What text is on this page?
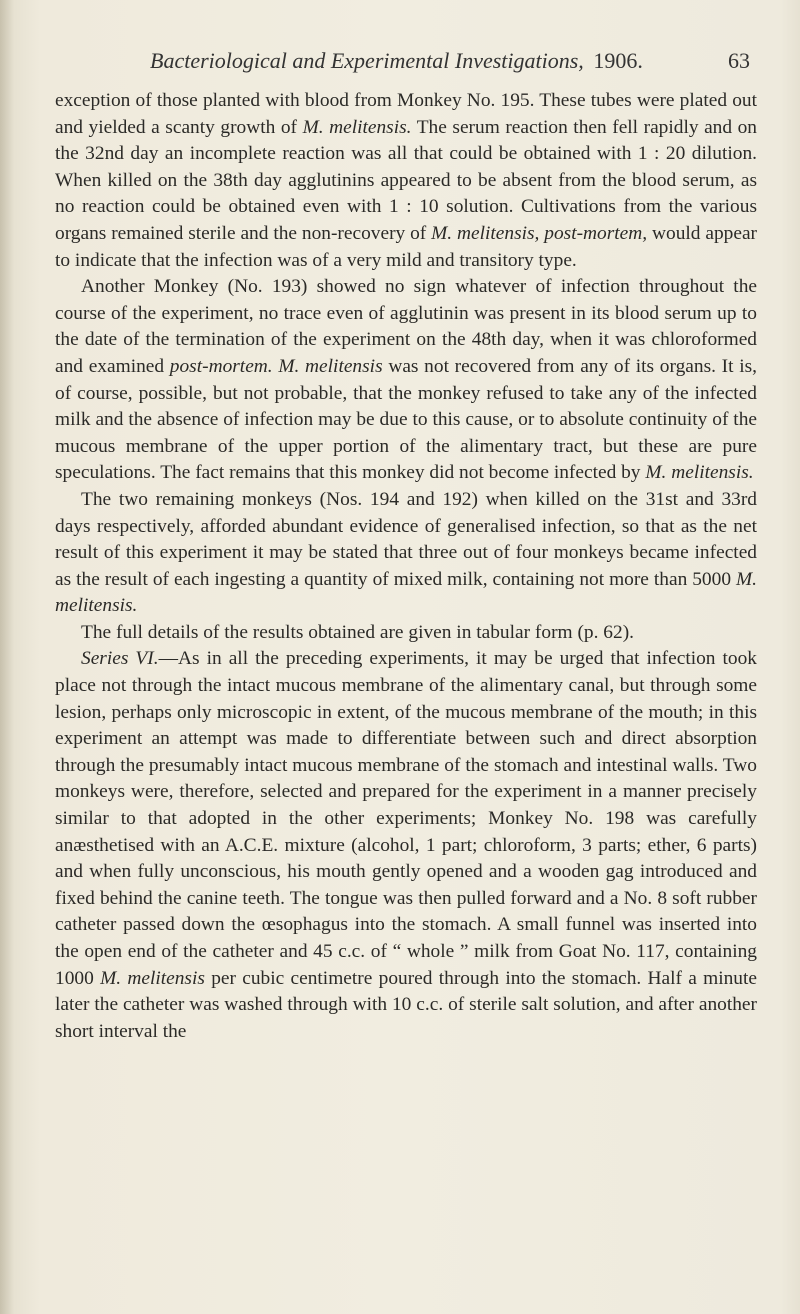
Bacteriological and Experimental Investigations, 1906.	63

exception of those planted with blood from Monkey No. 195. These tubes were plated out and yielded a scanty growth of M. melitensis. The serum reaction then fell rapidly and on the 32nd day an incomplete reaction was all that could be obtained with 1 : 20 dilution. When killed on the 38th day agglutinins appeared to be absent from the blood serum, as no reaction could be obtained even with 1 : 10 solution. Cultivations from the various organs remained sterile and the non-recovery of M. melitensis, post-mortem, would appear to indicate that the infection was of a very mild and transitory type.

Another Monkey (No. 193) showed no sign whatever of infection throughout the course of the experiment, no trace even of agglutinin was present in its blood serum up to the date of the termination of the experiment on the 48th day, when it was chloroformed and examined post-mortem. M. melitensis was not recovered from any of its organs. It is, of course, possible, but not probable, that the monkey refused to take any of the infected milk and the absence of infection may be due to this cause, or to absolute continuity of the mucous membrane of the upper portion of the alimentary tract, but these are pure speculations. The fact remains that this monkey did not become infected by M. melitensis.

The two remaining monkeys (Nos. 194 and 192) when killed on the 31st and 33rd days respectively, afforded abundant evidence of generalised infection, so that as the net result of this experiment it may be stated that three out of four monkeys became infected as the result of each ingesting a quantity of mixed milk, containing not more than 5000 M. melitensis.

The full details of the results obtained are given in tabular form (p. 62).

Series VI.—As in all the preceding experiments, it may be urged that infection took place not through the intact mucous membrane of the alimentary canal, but through some lesion, perhaps only microscopic in extent, of the mucous membrane of the mouth; in this experiment an attempt was made to differentiate between such and direct absorption through the presumably intact mucous membrane of the stomach and intestinal walls. Two monkeys were, therefore, selected and prepared for the experiment in a manner precisely similar to that adopted in the other experiments; Monkey No. 198 was carefully anæsthetised with an A.C.E. mixture (alcohol, 1 part; chloroform, 3 parts; ether, 6 parts) and when fully unconscious, his mouth gently opened and a wooden gag introduced and fixed behind the canine teeth. The tongue was then pulled forward and a No. 8 soft rubber catheter passed down the œsophagus into the stomach. A small funnel was inserted into the open end of the catheter and 45 c.c. of “ whole ” milk from Goat No. 117, containing 1000 M. melitensis per cubic centimetre poured through into the stomach. Half a minute later the catheter was washed through with 10 c.c. of sterile salt solution, and after another short interval the
